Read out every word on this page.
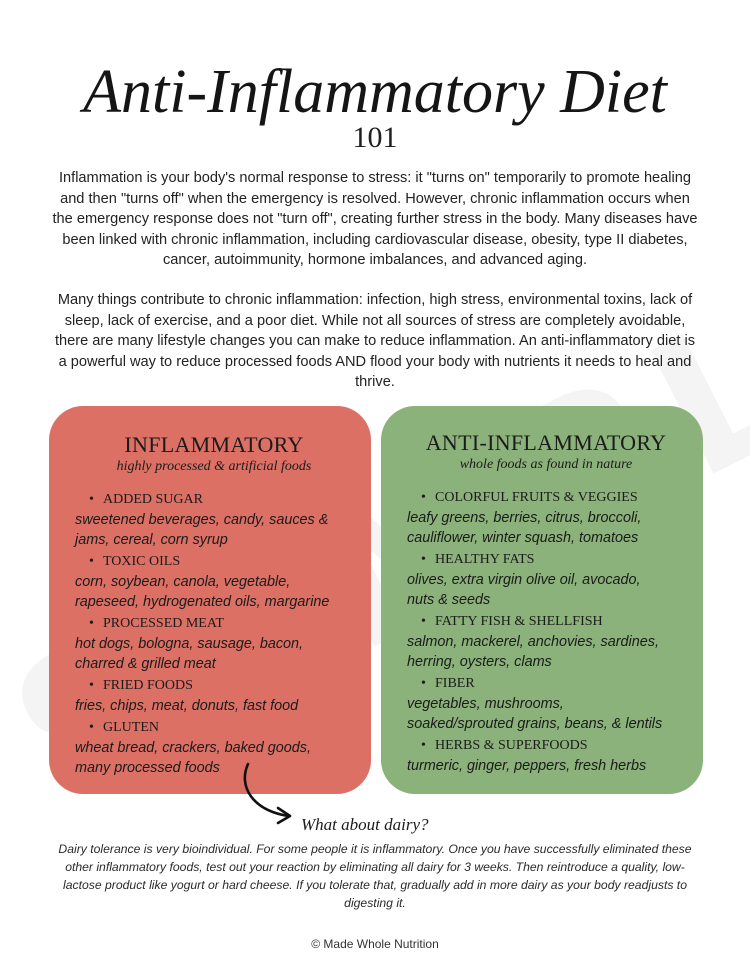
Anti-Inflammatory Diet
101

Inflammation is your body's normal response to stress: it "turns on" temporarily to promote healing and then "turns off" when the emergency is resolved. However, chronic inflammation occurs when the emergency response does not "turn off", creating further stress in the body. Many diseases have been linked with chronic inflammation, including cardiovascular disease, obesity, type II diabetes, cancer, autoimmunity, hormone imbalances, and advanced aging.

Many things contribute to chronic inflammation: infection, high stress, environmental toxins, lack of sleep, lack of exercise, and a poor diet. While not all sources of stress are completely avoidable, there are many lifestyle changes you can make to reduce inflammation. An anti-inflammatory diet is a powerful way to reduce processed foods AND flood your body with nutrients it needs to heal and thrive.

INFLAMMATORY
highly processed & artificial foods
• ADDED SUGAR
sweetened beverages, candy, sauces &
jams, cereal, corn syrup
• TOXIC OILS
corn, soybean, canola, vegetable,
rapeseed, hydrogenated oils, margarine
• PROCESSED MEAT
hot dogs, bologna, sausage, bacon,
charred & grilled meat
• FRIED FOODS
fries, chips, meat, donuts, fast food
• GLUTEN
wheat bread, crackers, baked goods,
many processed foods
ANTI-INFLAMMATORY
whole foods as found in nature
• COLORFUL FRUITS & VEGGIES
leafy greens, berries, citrus, broccoli,
cauliflower, winter squash, tomatoes
• HEALTHY FATS
olives, extra virgin olive oil, avocado,
nuts & seeds
• FATTY FISH & SHELLFISH
salmon, mackerel, anchovies, sardines,
herring, oysters, clams
• FIBER
vegetables, mushrooms,
soaked/sprouted grains, beans, & lentils
• HERBS & SUPERFOODS
turmeric, ginger, peppers, fresh herbs
What about dairy?

Dairy tolerance is very bioindividual. For some people it is inflammatory. Once you have successfully eliminated these other inflammatory foods, test out your reaction by eliminating all dairy for 3 weeks. Then reintroduce a quality, low-lactose product like yogurt or hard cheese. If you tolerate that, gradually add in more dairy as your body readjusts to digesting it.

© Made Whole Nutrition
